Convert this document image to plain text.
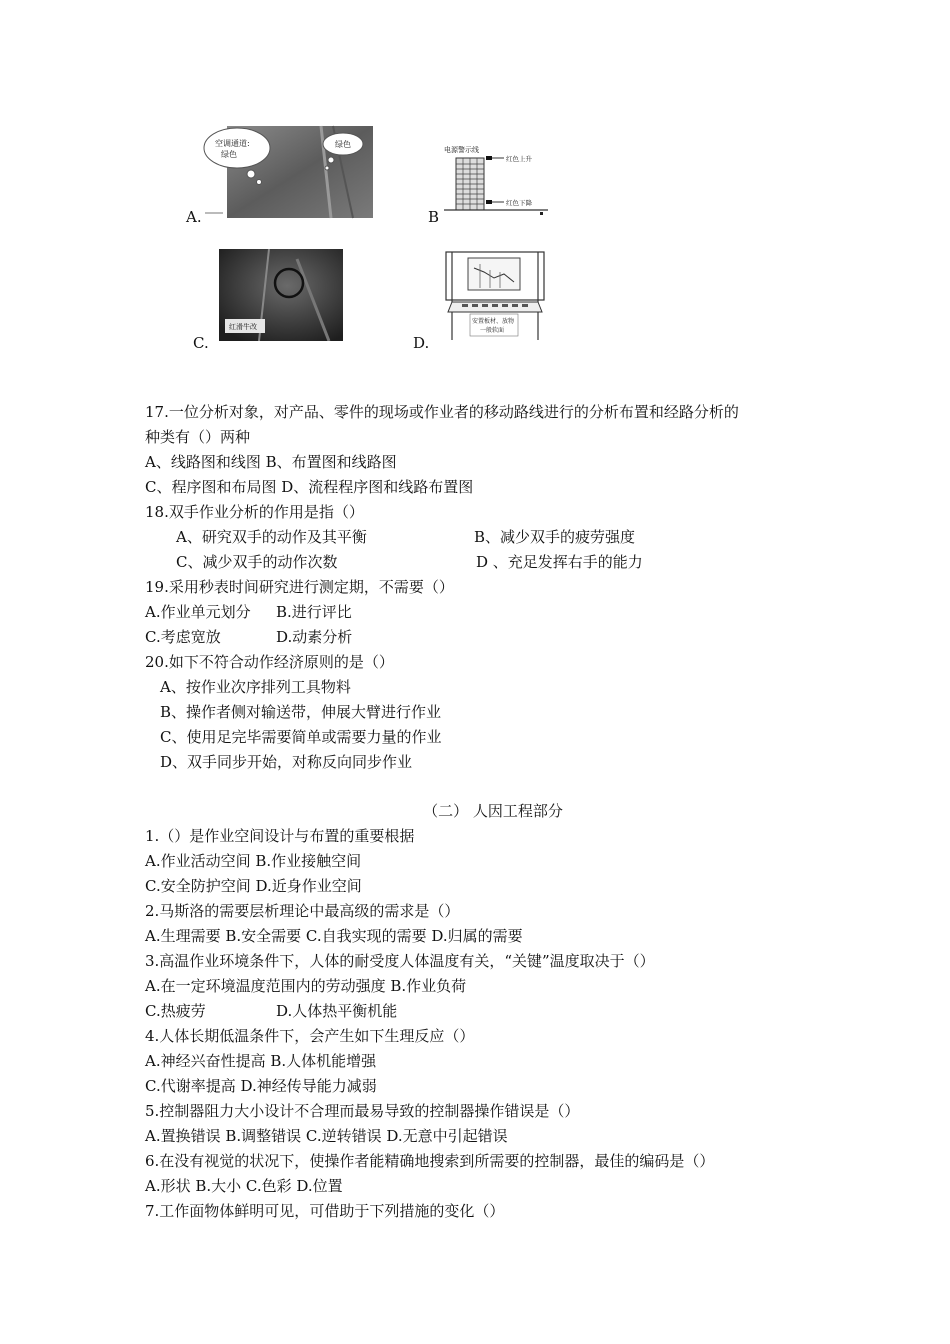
A.
空调通道:
绿色
绿色
B
电源警示线
红色上升
红色下降
C.
红滑牛改
D.
安置板材、放物
一般软面
17.一位分析对象，对产品、零件的现场或作业者的移动路线进行的分析布置和经路分析的
种类有（）两种
A、线路图和线图 B、布置图和线路图
C、程序图和布局图 D、流程程序图和线路布置图
18.双手作业分析的作用是指（）
A、研究双手的动作及其平衡	B、减少双手的疲劳强度
C、减少双手的动作次数	D 、充足发挥右手的能力
19.采用秒表时间研究进行测定期，不需要（）
A.作业单元划分 B.进行评比
C.考虑宽放	D.动素分析
20.如下不符合动作经济原则的是（）
A、按作业次序排列工具物料
B、操作者侧对输送带，伸展大臂进行作业
C、使用足完毕需要简单或需要力量的作业
D、双手同步开始，对称反向同步作业
（二） 人因工程部分
1.（）是作业空间设计与布置的重要根据
A.作业活动空间 B.作业接触空间
C.安全防护空间 D.近身作业空间
2.马斯洛的需要层析理论中最高级的需求是（）
A.生理需要 B.安全需要 C.自我实现的需要 D.归属的需要
3.高温作业环境条件下，人体的耐受度人体温度有关，“关键”温度取决于（）
A.在一定环境温度范围内的劳动强度 B.作业负荷
C.热疲劳	D.人体热平衡机能
4.人体长期低温条件下，会产生如下生理反应（）
A.神经兴奋性提高 B.人体机能增强
C.代谢率提高 D.神经传导能力减弱
5.控制器阻力大小设计不合理而最易导致的控制器操作错误是（）
A.置换错误 B.调整错误 C.逆转错误 D.无意中引起错误
6.在没有视觉的状况下，使操作者能精确地搜索到所需要的控制器，最佳的编码是（）
A.形状 B.大小 C.色彩 D.位置
7.工作面物体鲜明可见，可借助于下列措施的变化（）
